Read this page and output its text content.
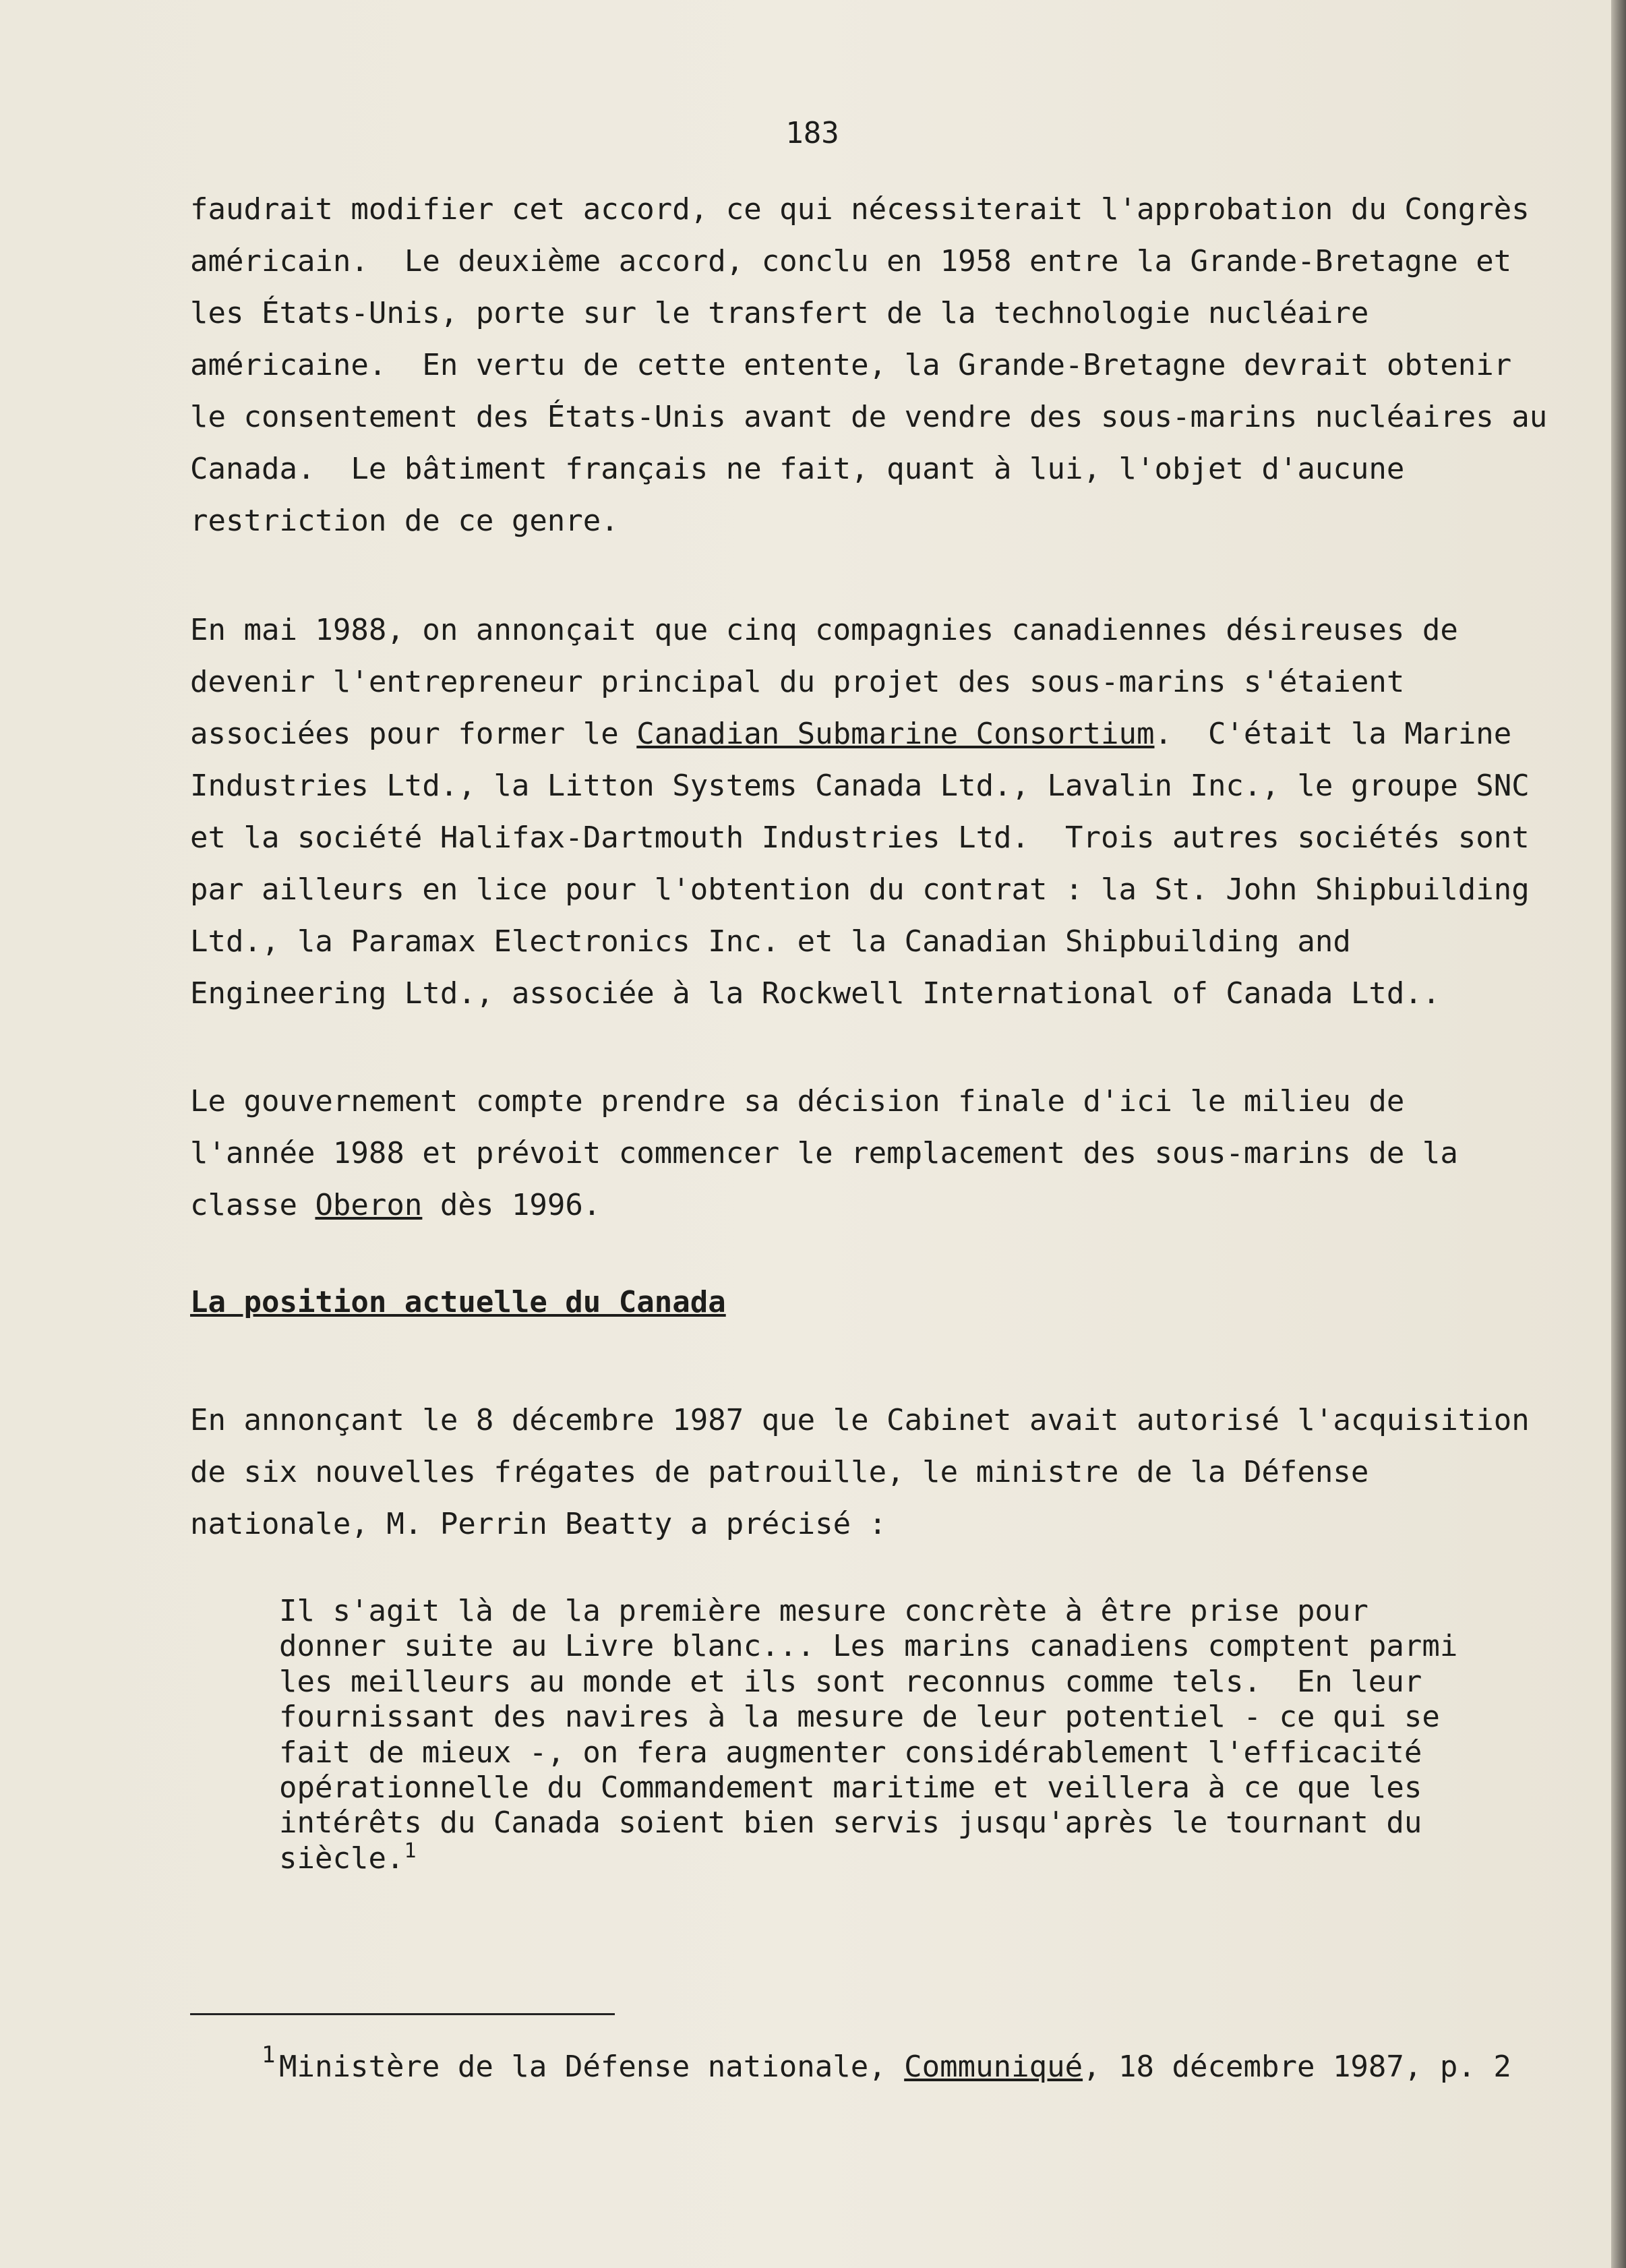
183
faudrait modifier cet accord, ce qui nécessiterait l'approbation du Congrès
américain.  Le deuxième accord, conclu en 1958 entre la Grande-Bretagne et
les États-Unis, porte sur le transfert de la technologie nucléaire
américaine.  En vertu de cette entente, la Grande-Bretagne devrait obtenir
le consentement des États-Unis avant de vendre des sous-marins nucléaires au
Canada.  Le bâtiment français ne fait, quant à lui, l'objet d'aucune
restriction de ce genre.
En mai 1988, on annonçait que cinq compagnies canadiennes désireuses de
devenir l'entrepreneur principal du projet des sous-marins s'étaient
associées pour former le Canadian Submarine Consortium.  C'était la Marine
Industries Ltd., la Litton Systems Canada Ltd., Lavalin Inc., le groupe SNC
et la société Halifax-Dartmouth Industries Ltd.  Trois autres sociétés sont
par ailleurs en lice pour l'obtention du contrat : la St. John Shipbuilding
Ltd., la Paramax Electronics Inc. et la Canadian Shipbuilding and
Engineering Ltd., associée à la Rockwell International of Canada Ltd..
Le gouvernement compte prendre sa décision finale d'ici le milieu de
l'année 1988 et prévoit commencer le remplacement des sous-marins de la
classe Oberon dès 1996.
La position actuelle du Canada
En annonçant le 8 décembre 1987 que le Cabinet avait autorisé l'acquisition
de six nouvelles frégates de patrouille, le ministre de la Défense
nationale, M. Perrin Beatty a précisé :
Il s'agit là de la première mesure concrète à être prise pour
donner suite au Livre blanc... Les marins canadiens comptent parmi
les meilleurs au monde et ils sont reconnus comme tels.  En leur
fournissant des navires à la mesure de leur potentiel - ce qui se
fait de mieux -, on fera augmenter considérablement l'efficacité
opérationnelle du Commandement maritime et veillera à ce que les
intérêts du Canada soient bien servis jusqu'après le tournant du
siècle.$^1$
1 Ministère de la Défense nationale, Communiqué, 18 décembre 1987, p. 2
